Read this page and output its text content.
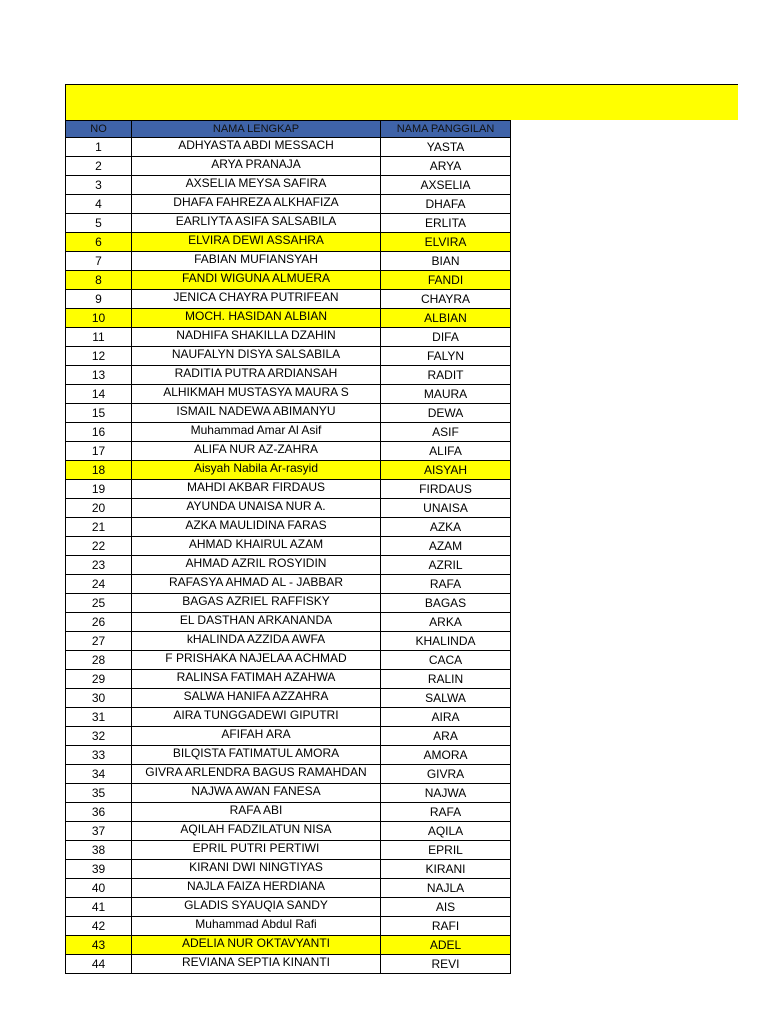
NO	NAMA LENGKAP	NAMA PANGGILAN
1	ADHYASTA ABDI MESSACH	YASTA
2	ARYA PRANAJA	ARYA
3	AXSELIA MEYSA SAFIRA	AXSELIA
4	DHAFA FAHREZA ALKHAFIZA	DHAFA
5	EARLIYTA ASIFA SALSABILA	ERLITA
6	ELVIRA DEWI ASSAHRA	ELVIRA
7	FABIAN MUFIANSYAH	BIAN
8	FANDI WIGUNA ALMUERA	FANDI
9	JENICA CHAYRA PUTRIFEAN	CHAYRA
10	MOCH. HASIDAN ALBIAN	ALBIAN
11	NADHIFA SHAKILLA DZAHIN	DIFA
12	NAUFALYN DISYA SALSABILA	FALYN
13	RADITIA PUTRA ARDIANSAH	RADIT
14	ALHIKMAH MUSTASYA MAURA S	MAURA
15	ISMAIL NADEWA ABIMANYU	DEWA
16	Muhammad Amar Al Asif	ASIF
17	ALIFA NUR AZ-ZAHRA	ALIFA
18	Aisyah Nabila Ar-rasyid	AISYAH
19	MAHDI AKBAR FIRDAUS	FIRDAUS
20	AYUNDA UNAISA NUR A.	UNAISA
21	AZKA MAULIDINA FARAS	AZKA
22	AHMAD KHAIRUL AZAM	AZAM
23	AHMAD AZRIL ROSYIDIN	AZRIL
24	RAFASYA AHMAD AL - JABBAR	RAFA
25	BAGAS AZRIEL RAFFISKY	BAGAS
26	EL DASTHAN ARKANANDA	ARKA
27	kHALINDA AZZIDA AWFA	KHALINDA
28	F PRISHAKA NAJELAA ACHMAD	CACA
29	RALINSA FATIMAH AZAHWA	RALIN
30	SALWA HANIFA AZZAHRA	SALWA
31	AIRA TUNGGADEWI GIPUTRI	AIRA
32	AFIFAH ARA	ARA
33	BILQISTA FATIMATUL AMORA	AMORA
34	GIVRA ARLENDRA BAGUS RAMAHDAN	GIVRA
35	NAJWA AWAN FANESA	NAJWA
36	RAFA ABI	RAFA
37	AQILAH FADZILATUN NISA	AQILA
38	EPRIL PUTRI PERTIWI	EPRIL
39	KIRANI DWI NINGTIYAS	KIRANI
40	NAJLA FAIZA HERDIANA	NAJLA
41	GLADIS SYAUQIA SANDY	AIS
42	Muhammad Abdul Rafi	RAFI
43	ADELIA NUR OKTAVYANTI	ADEL
44	REVIANA SEPTIA KINANTI	REVI
